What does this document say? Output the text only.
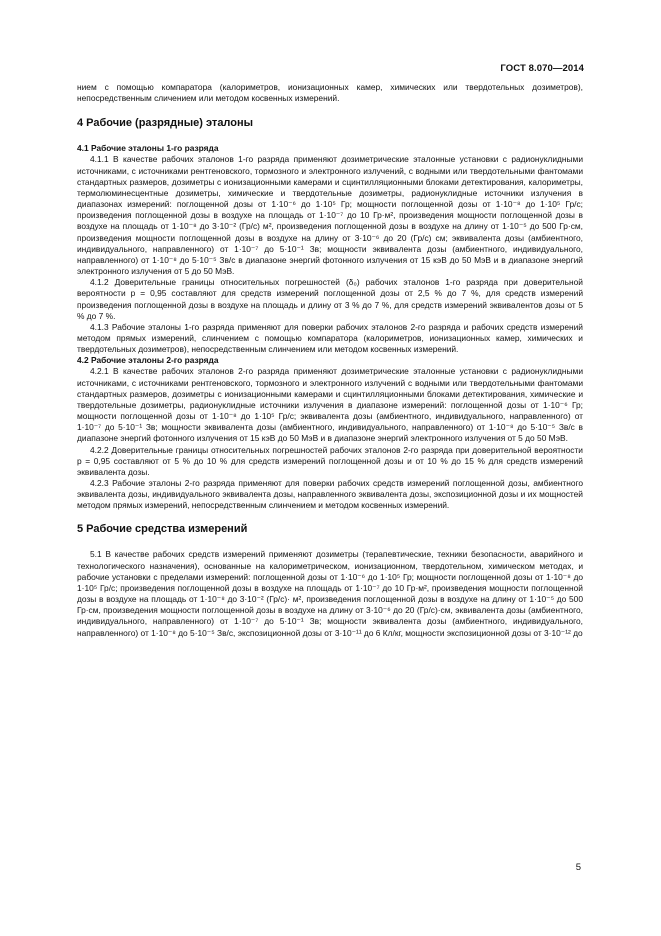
ГОСТ 8.070—2014

нием с помощью компаратора (калориметров, ионизационных камер, химических или твердотельных дозиметров), непосредственным сличением или методом косвенных измерений.

4 Рабочие (разрядные) эталоны

4.1 Рабочие эталоны 1-го разряда

4.1.1 В качестве рабочих эталонов 1-го разряда применяют дозиметрические эталонные установки с радионуклидными источниками, с источниками рентгеновского, тормозного и электронного излучений, с водными или твердотельными фантомами стандартных размеров, дозиметры с ионизационными камерами и сцинтилляционными блоками детектирования, калориметры, термолюминесцентные дозиметры, химические и твердотельные дозиметры, радионуклидные источники излучения в диапазонах измерений: поглощенной дозы от 1·10⁻⁶ до 1·10⁵ Гр; мощности поглощенной дозы от 1·10⁻⁸ до 1·10⁵ Гр/с; произведения поглощенной дозы в воздухе на площадь от 1·10⁻⁷ до 10 Гр·м², произведения мощности поглощенной дозы в воздухе на площадь от 1·10⁻⁸ до 3·10⁻² (Гр/с) м², произведения поглощенной дозы в воздухе на длину от 1·10⁻⁵ до 500 Гр·см, произведения мощности поглощенной дозы в воздухе на длину от 3·10⁻⁶ до 20 (Гр/с) см; эквивалента дозы (амбиентного, индивидуального, направленного) от 1·10⁻⁷ до 5·10⁻¹ Зв; мощности эквивалента дозы (амбиентного, индивидуального, направленного) от 1·10⁻⁸ до 5·10⁻⁵ Зв/с в диапазоне энергий фотонного излучения от 15 кэВ до 50 МэВ и в диапазоне энергий электронного излучения от 5 до 50 МэВ.

4.1.2 Доверительные границы относительных погрешностей (δ₀) рабочих эталонов 1-го разряда при доверительной вероятности p = 0,95 составляют для средств измерений поглощенной дозы от 2,5 % до 7 %, для средств измерений произведения поглощенной дозы в воздухе на площадь и длину от 3 % до 7 %, для средств измерений эквивалентов дозы от 5 % до 7 %.

4.1.3 Рабочие эталоны 1-го разряда применяют для поверки рабочих эталонов 2-го разряда и рабочих средств измерений методом прямых измерений, слинчением с помощью компаратора (калориметров, ионизационных камер, химических и твердотельных дозиметров), непосредственным слинчением или методом косвенных измерений.

4.2 Рабочие эталоны 2-го разряда

4.2.1 В качестве рабочих эталонов 2-го разряда применяют дозиметрические эталонные установки с радионуклидными источниками, с источниками рентгеновского, тормозного и электронного излучений с водными или твердотельными фантомами стандартных размеров, дозиметры с ионизационными камерами и сцинтилляционными блоками детектирования, химические и твердотельные дозиметры, радионуклидные источники излучения в диапазоне измерений: поглощенной дозы от 1·10⁻⁶ Гр; мощности поглощенной дозы от 1·10⁻⁸ до 1·10⁵ Гр/с; эквивалента дозы (амбиентного, индивидуального, направленного) от 1·10⁻⁷ до 5·10⁻¹ Зв; мощности эквивалента дозы (амбиентного, индивидуального, направленного) от 1·10⁻⁸ до 5·10⁻⁵ Зв/с в диапазоне энергий фотонного излучения от 15 кэВ до 50 МэВ и в диапазоне энергий электронного излучения от 5 до 50 МэВ.

4.2.2 Доверительные границы относительных погрешностей рабочих эталонов 2-го разряда при доверительной вероятности p = 0,95 составляют от 5 % до 10 % для средств измерений поглощенной дозы и от 10 % до 15 % для средств измерений эквивалента дозы.

4.2.3 Рабочие эталоны 2-го разряда применяют для поверки рабочих средств измерений поглощенной дозы, амбиентного эквивалента дозы, индивидуального эквивалента дозы, направленного эквивалента дозы, экспозиционной дозы и их мощностей методом прямых измерений, непосредственным слинчением и методом косвенных измерений.

5 Рабочие средства измерений

5.1 В качестве рабочих средств измерений применяют дозиметры (терапевтические, техники безопасности, аварийного и технологического назначения), основанные на калориметрическом, ионизационном, твердотельном, химическом методах, и рабочие установки с пределами измерений: поглощенной дозы от 1·10⁻⁶ до 1·10⁵ Гр; мощности поглощенной дозы от 1·10⁻⁸ до 1·10⁵ Гр/с; произведения поглощенной дозы в воздухе на площадь от 1·10⁻⁷ до 10 Гр·м², произведения мощности поглощенной дозы в воздухе на площадь от 1·10⁻⁸ до 3·10⁻² (Гр/с)· м², произведения поглощенной дозы в воздухе на длину от 1·10⁻⁵ до 500 Гр·см, произведения мощности поглощенной дозы в воздухе на длину от 3·10⁻⁶ до 20 (Гр/с)·см, эквивалента дозы (амбиентного, индивидуального, направленного) от 1·10⁻⁷ до 5·10⁻¹ Зв; мощности эквивалента дозы (амбиентного, индивидуального, направленного) от 1·10⁻⁸ до 5·10⁻⁵ Зв/с, экспозиционной дозы от 3·10⁻¹¹ до 6 Кл/кг, мощности экспозиционной дозы от 3·10⁻¹² до

5
